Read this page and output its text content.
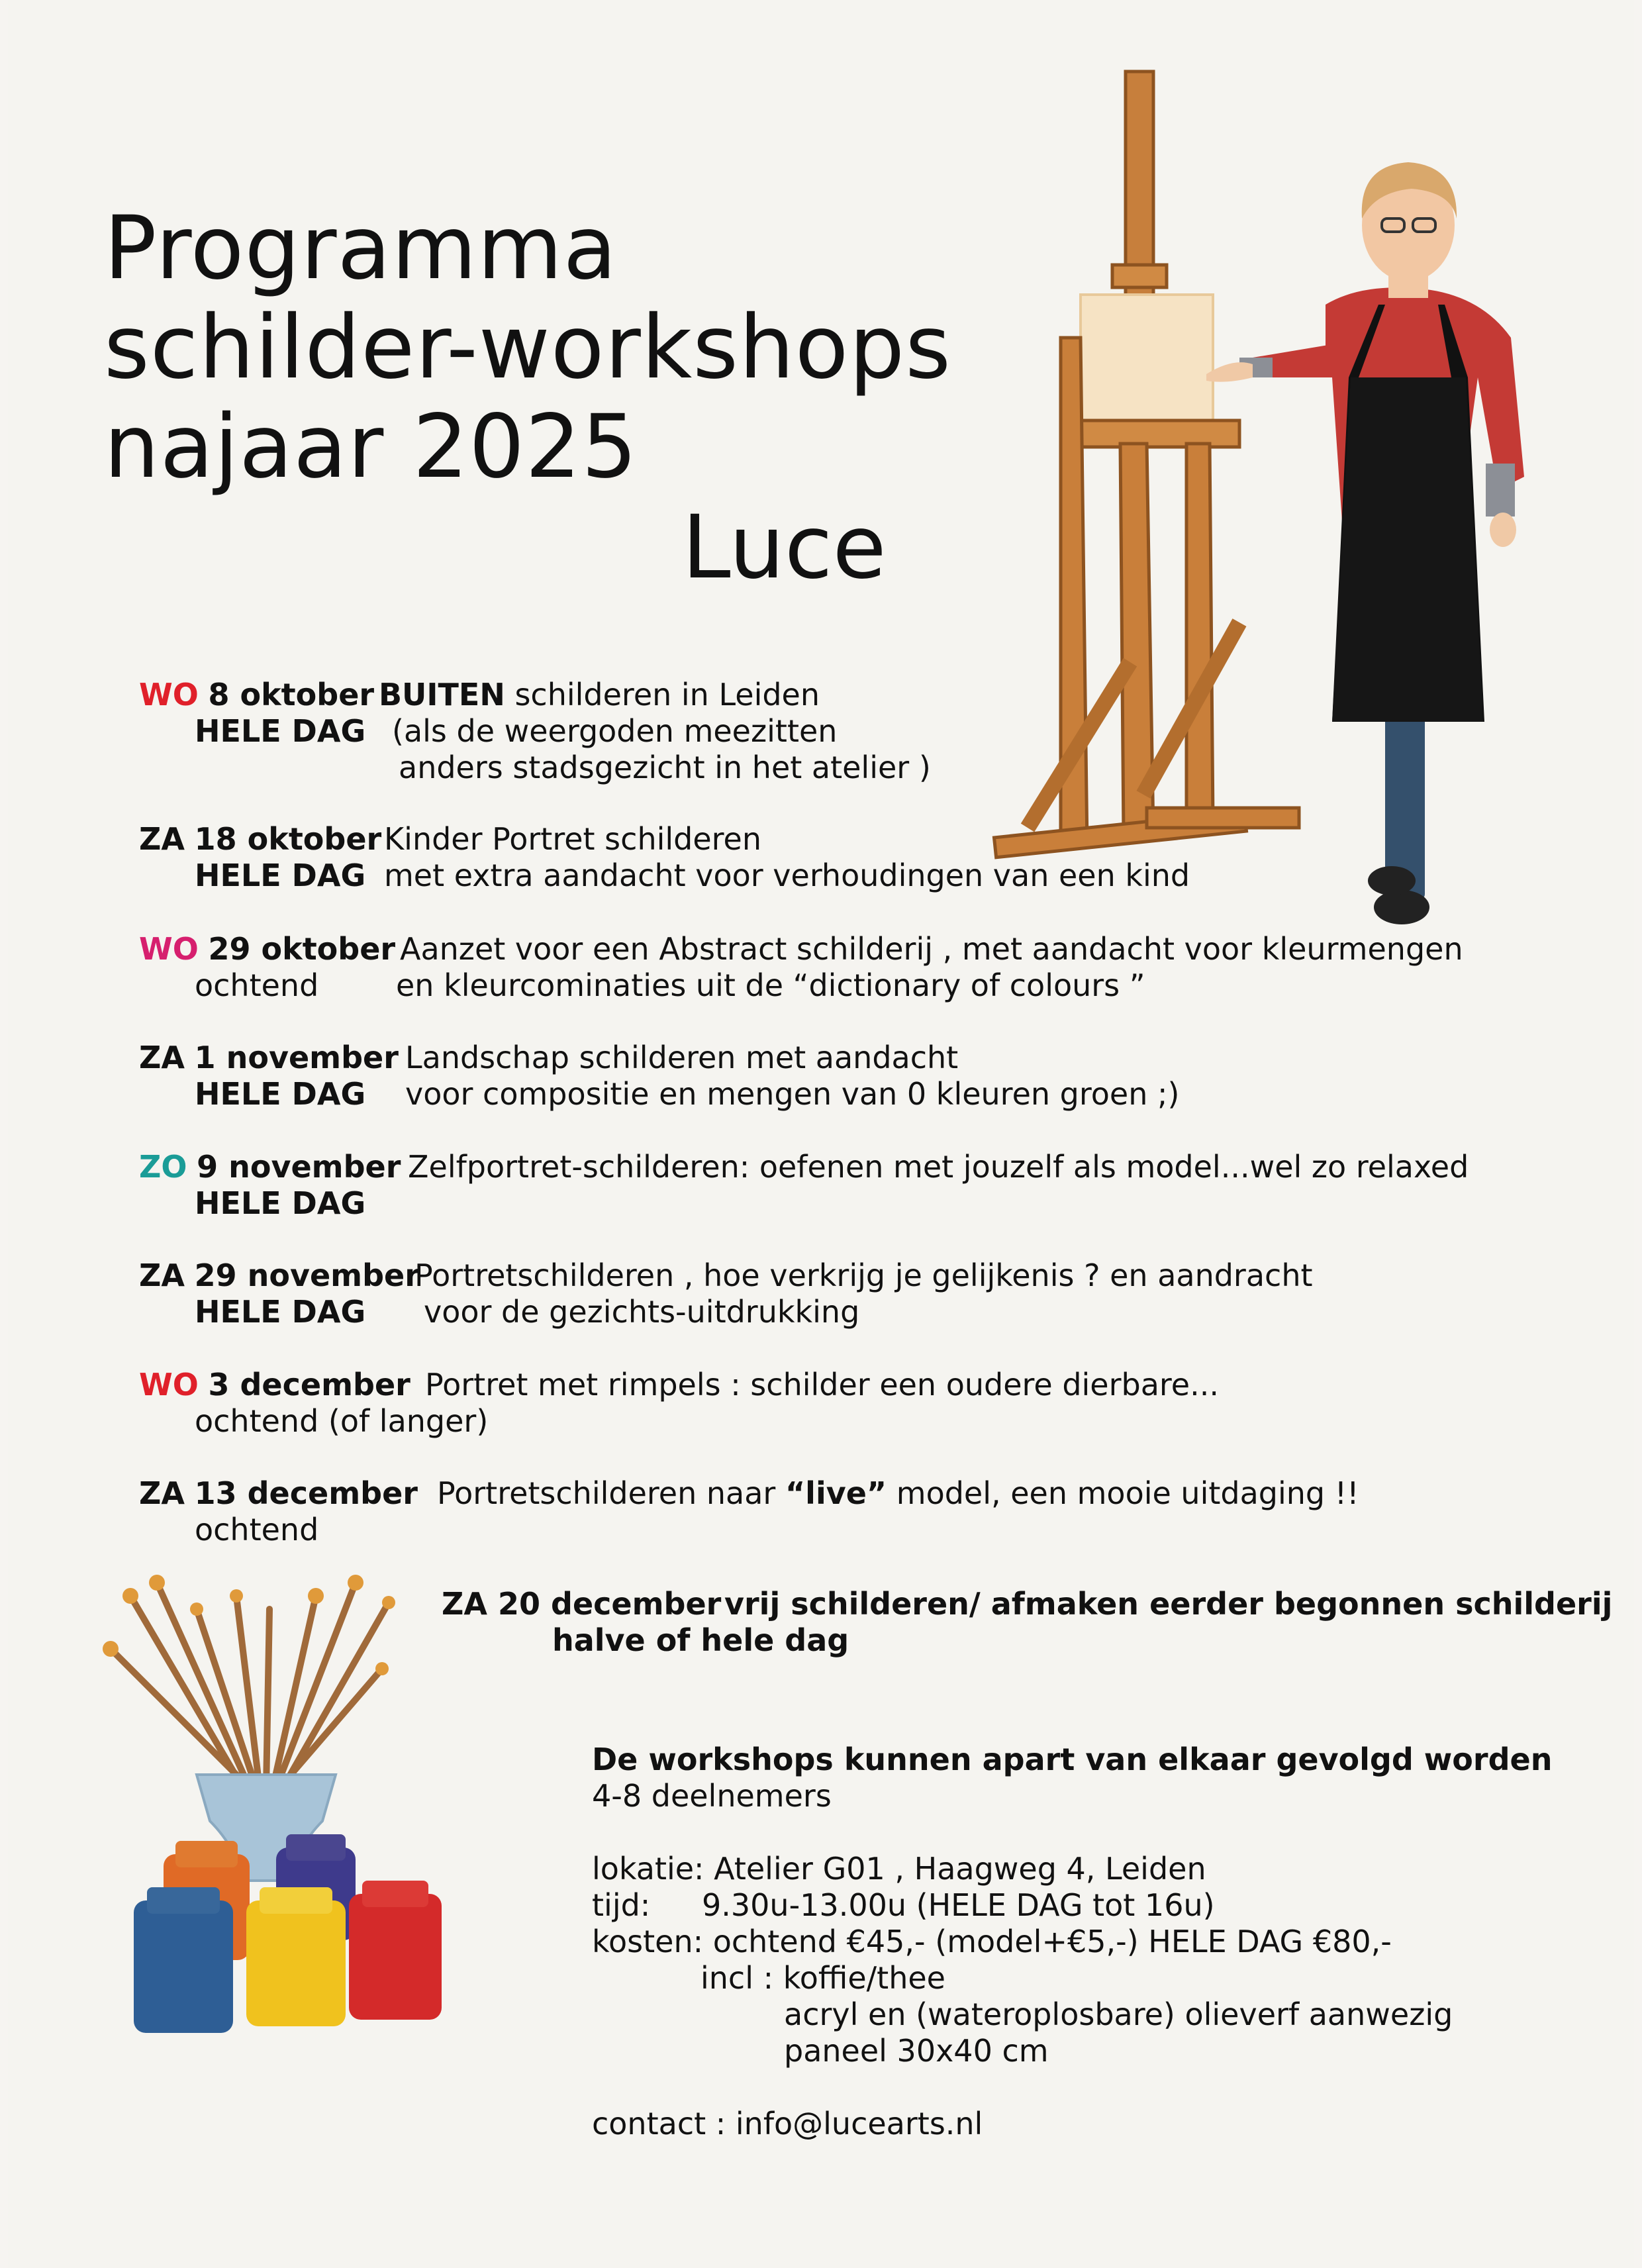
Programma
schilder-workshops
najaar 2025
Luce
WO 8 oktober BUITEN schilderen in Leiden
HELE DAG (als de weergoden meezitten
anders stadsgezicht in het atelier )
ZA 18 oktober Kinder Portret schilderen
HELE DAG met extra aandacht voor verhoudingen van een kind
WO 29 oktober Aanzet voor een Abstract schilderij , met aandacht voor kleurmengen
ochtend	en kleurcominaties uit de “dictionary of colours ”
ZA 1 november Landschap schilderen met aandacht
HELE DAG voor compositie en mengen van 0 kleuren groen ;)
ZO 9 november Zelfportret-schilderen: oefenen met jouzelf als model...wel zo relaxed
HELE DAG
ZA 29 november
Portretschilderen , hoe verkrijg je gelijkenis ? en aandracht
HELE DAG voor de gezichts-uitdrukking
WO 3 december Portret met rimpels : schilder een oudere dierbare...
ochtend (of langer)
ZA 13 december Portretschilderen naar “live” model, een mooie uitdaging !!
ochtend
ZA 20 december vrij schilderen/ afmaken eerder begonnen schilderij
halve of hele dag
De workshops kunnen apart van elkaar gevolgd worden
4-8 deelnemers
lokatie: Atelier G01 , Haagweg 4, Leiden
tijd: 9.30u-13.00u (HELE DAG tot 16u)
kosten: ochtend €45,- (model+€5,-) HELE DAG €80,-
incl : koffie/thee
acryl en (wateroplosbare) olieverf aanwezig
paneel 30x40 cm
contact : info@lucearts.nl
